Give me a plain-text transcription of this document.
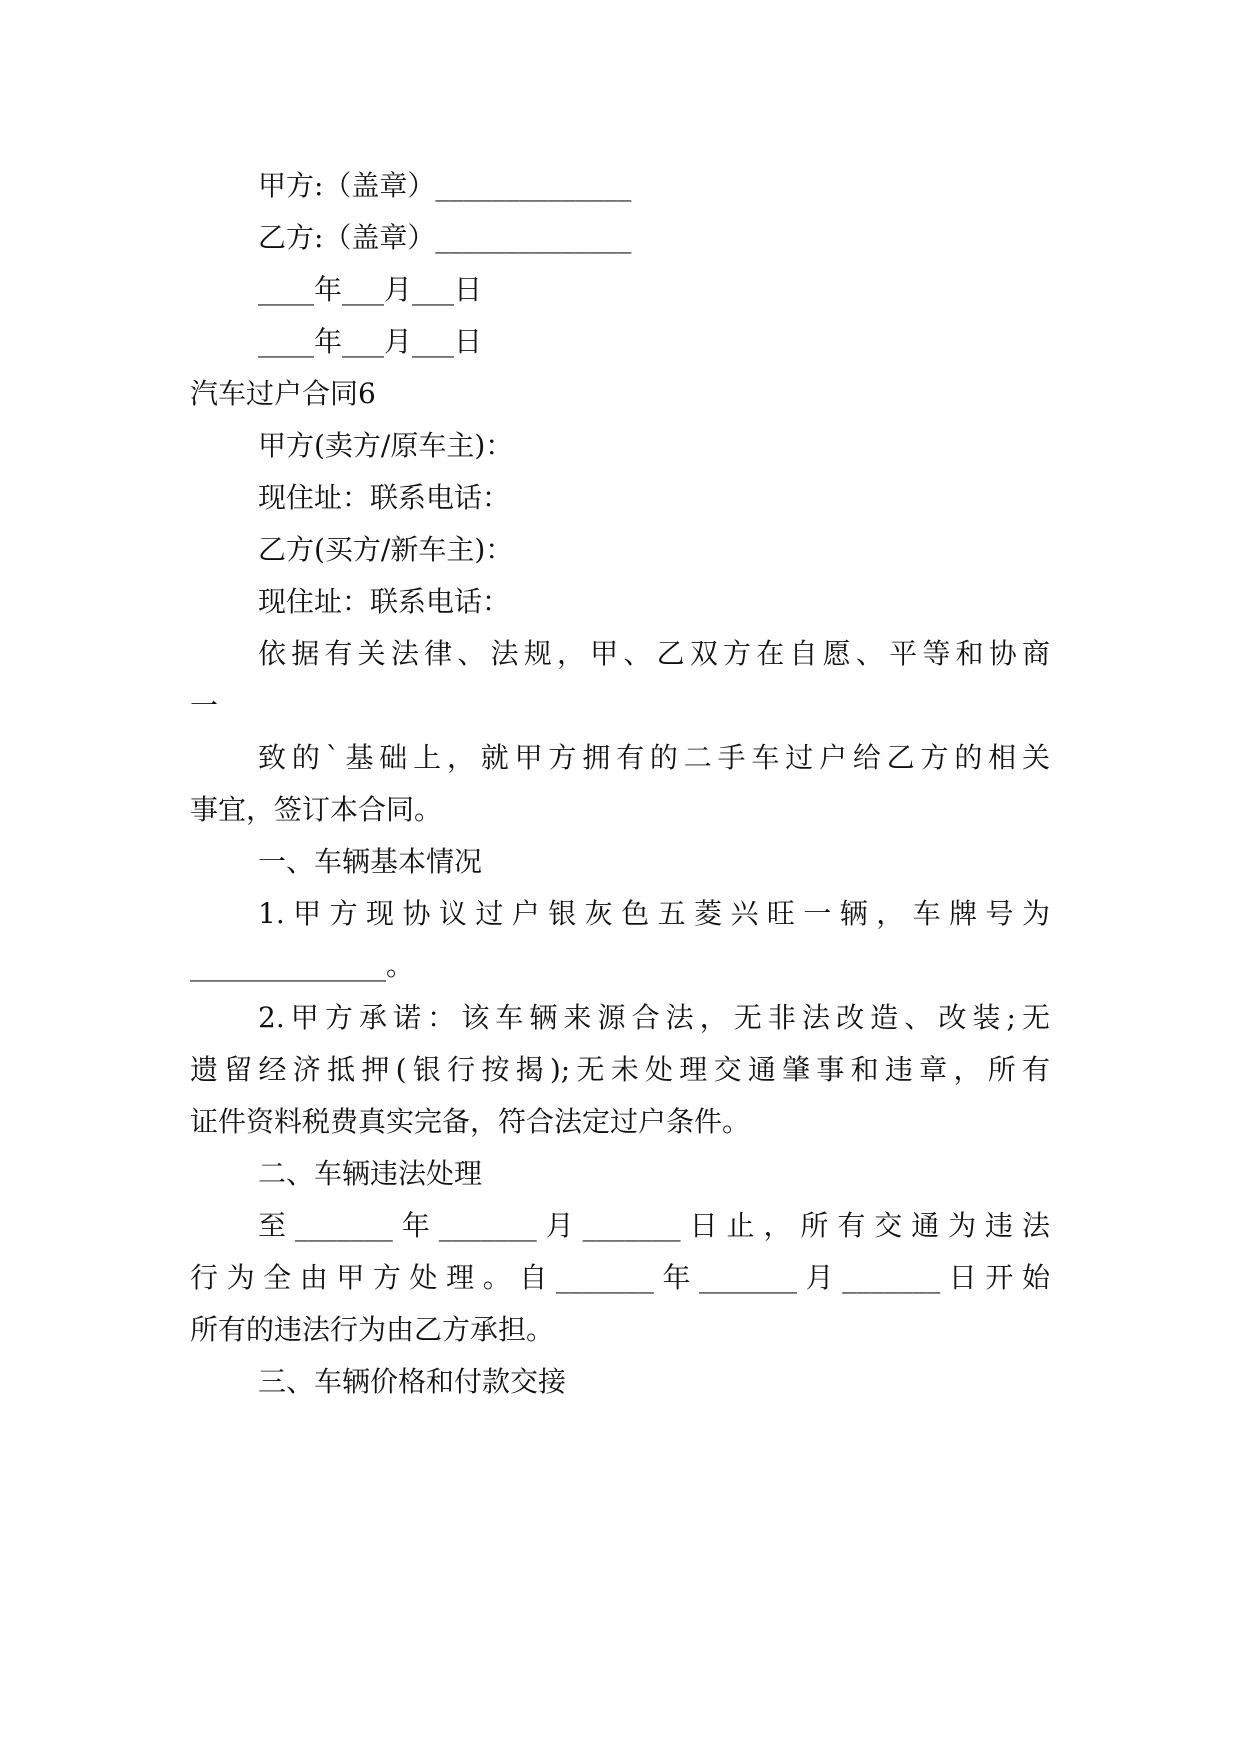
甲方:（盖章）______________
乙方:（盖章）______________
____年___月___日
____年___月___日
汽车过户合同6
甲方(卖方/原车主)：
现住址：联系电话：
乙方(买方/新车主)：
现住址：联系电话：
依据有关法律、法规，甲、乙双方在自愿、平等和协商
一
致的`基础上，就甲方拥有的二手车过户给乙方的相关
事宜，签订本合同。
一、车辆基本情况
1.甲方现协议过户银灰色五菱兴旺一辆，车牌号为
______________。
2.甲方承诺：该车辆来源合法，无非法改造、改装;无
遗留经济抵押(银行按揭);无未处理交通肇事和违章，所有
证件资料税费真实完备，符合法定过户条件。
二、车辆违法处理
至_______年_______月_______日止，所有交通为违法
行为全由甲方处理。自_______年_______月_______日开始
所有的违法行为由乙方承担。
三、车辆价格和付款交接
